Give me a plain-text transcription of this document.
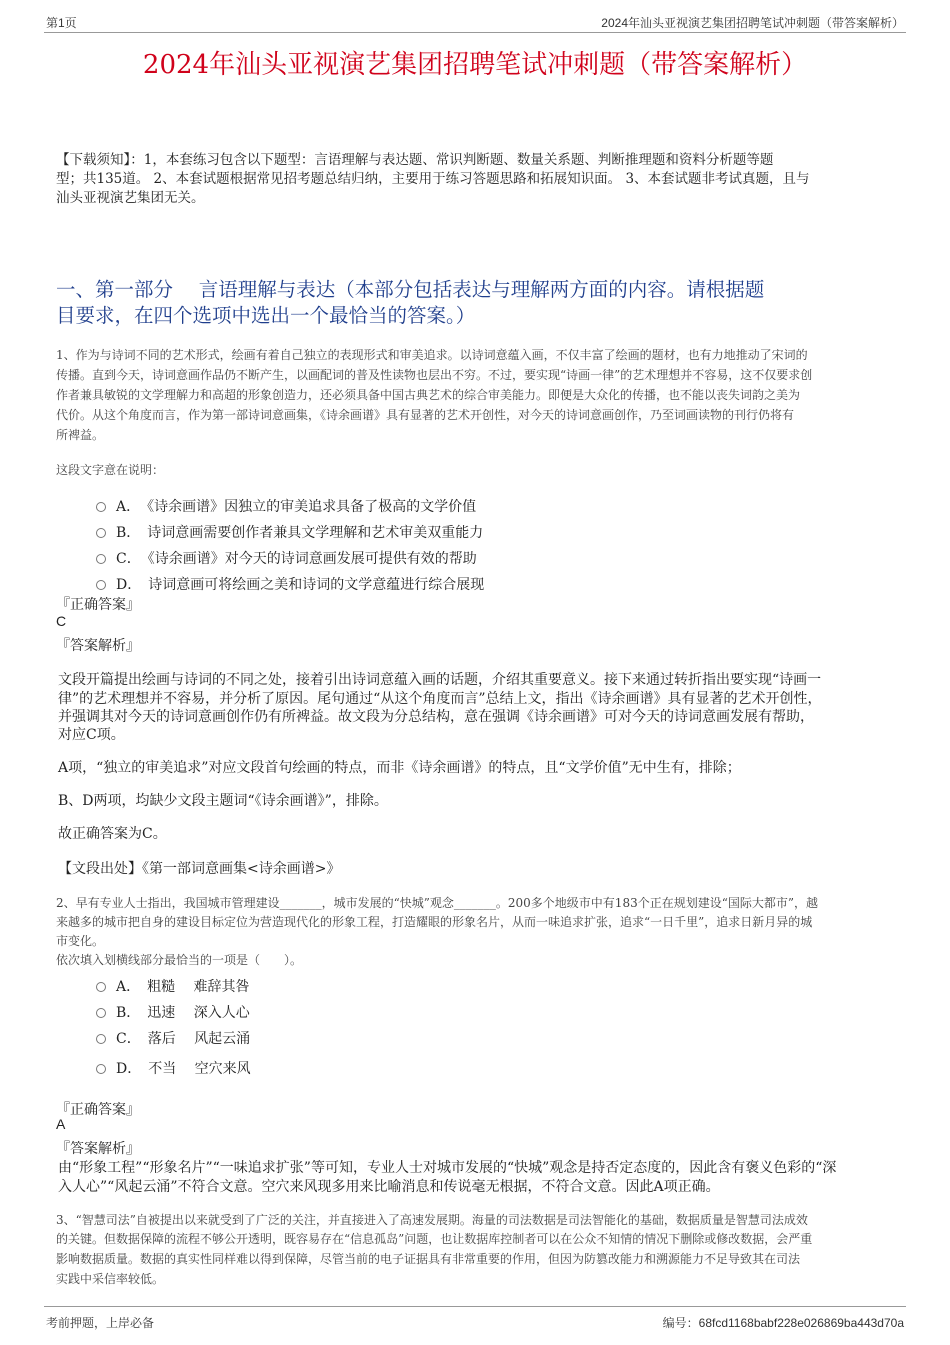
第1页	2024年汕头亚视演艺集团招聘笔试冲刺题（带答案解析）
2024年汕头亚视演艺集团招聘笔试冲刺题（带答案解析）
【下载须知】：1，本套练习包含以下题型：言语理解与表达题、常识判断题、数量关系题、判断推理题和资料分析题等题
型；共135道。 2、本套试题根据常见招考题总结归纳，主要用于练习答题思路和拓展知识面。 3、本套试题非考试真题，且与
汕头亚视演艺集团无关。
一、第一部分　 言语理解与表达（本部分包括表达与理解两方面的内容。请根据题
目要求，在四个选项中选出一个最恰当的答案。）
1、作为与诗词不同的艺术形式，绘画有着自己独立的表现形式和审美追求。以诗词意蕴入画，不仅丰富了绘画的题材，也有力地推动了宋词的
传播。直到今天，诗词意画作品仍不断产生，以画配词的普及性读物也层出不穷。不过，要实现“诗画一律”的艺术理想并不容易，这不仅要求创
作者兼具敏锐的文学理解力和高超的形象创造力，还必须具备中国古典艺术的综合审美能力。即便是大众化的传播，也不能以丧失词韵之美为
代价。从这个角度而言，作为第一部诗词意画集，《诗余画谱》具有显著的艺术开创性，对今天的诗词意画创作，乃至词画读物的刊行仍将有
所裨益。
这段文字意在说明：
A．　《诗余画谱》因独立的审美追求具备了极高的文学价值
B．　诗词意画需要创作者兼具文学理解和艺术审美双重能力
C．　《诗余画谱》对今天的诗词意画发展可提供有效的帮助
D．　诗词意画可将绘画之美和诗词的文学意蕴进行综合展现
『正确答案』
C
『答案解析』
文段开篇提出绘画与诗词的不同之处，接着引出诗词意蕴入画的话题，介绍其重要意义。接下来通过转折指出要实现“诗画一
律”的艺术理想并不容易，并分析了原因。尾句通过“从这个角度而言”总结上文，指出《诗余画谱》具有显著的艺术开创性，
并强调其对今天的诗词意画创作仍有所裨益。故文段为分总结构，意在强调《诗余画谱》可对今天的诗词意画发展有帮助，
对应C项。
A项，“独立的审美追求”对应文段首句绘画的特点，而非《诗余画谱》的特点，且“文学价值”无中生有，排除；
B、D两项，均缺少文段主题词“《诗余画谱》”，排除。
故正确答案为C。
【文段出处】《第一部词意画集<诗余画谱>》
2、早有专业人士指出，我国城市管理建设_______，城市发展的“快城”观念_______。200多个地级市中有183个正在规划建设“国际大都市”，越
来越多的城市把自身的建设目标定位为营造现代化的形象工程，打造耀眼的形象名片，从而一味追求扩张，追求“一日千里”，追求日新月异的城
市变化。
依次填入划横线部分最恰当的一项是（　　）。
A．　粗糙　 难辞其咎
B．　迅速　 深入人心
C．　落后　 风起云涌
D．　不当　 空穴来风
『正确答案』
A
『答案解析』
由“形象工程”“形象名片”“一味追求扩张”等可知，专业人士对城市发展的“快城”观念是持否定态度的，因此含有褒义色彩的“深
入人心”“风起云涌”不符合文意。空穴来风现多用来比喻消息和传说毫无根据，不符合文意。因此A项正确。
3、“智慧司法”自被提出以来就受到了广泛的关注，并直接进入了高速发展期。海量的司法数据是司法智能化的基础，数据质量是智慧司法成效
的关键。但数据保障的流程不够公开透明，既容易存在“信息孤岛”问题，也让数据库控制者可以在公众不知情的情况下删除或修改数据，会严重
影响数据质量。数据的真实性同样难以得到保障，尽管当前的电子证据具有非常重要的作用，但因为防篡改能力和溯源能力不足导致其在司法
实践中采信率较低。
考前押题，上岸必备	编号：68fcd1168babf228e026869ba443d70a
